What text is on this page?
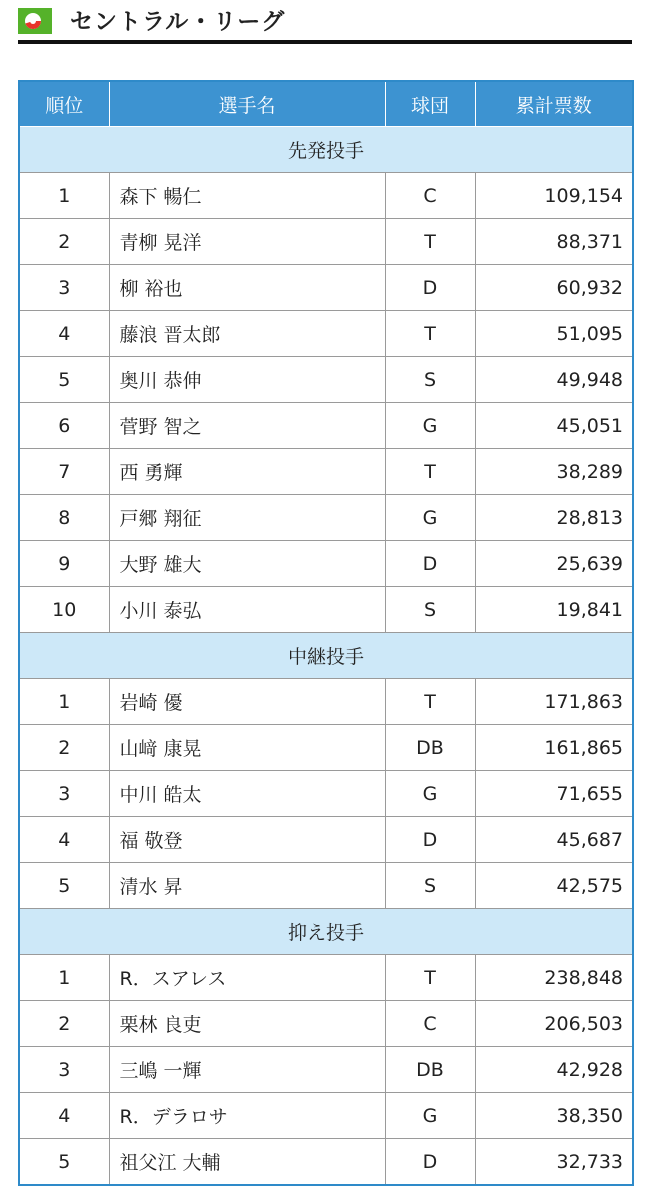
セントラル・リーグ
順位	選手名	球団	累計票数
先発投手			
1	森下 暢仁	C	109,154
2	青柳 晃洋	T	88,371
3	柳 裕也	D	60,932
4	藤浪 晋太郎	T	51,095
5	奥川 恭伸	S	49,948
6	菅野 智之	G	45,051
7	西 勇輝	T	38,289
8	戸郷 翔征	G	28,813
9	大野 雄大	D	25,639
10	小川 泰弘	S	19,841
中継投手			
1	岩崎 優	T	171,863
2	山﨑 康晃	DB	161,865
3	中川 皓太	G	71,655
4	福 敬登	D	45,687
5	清水 昇	S	42,575
抑え投手			
1	R．スアレス	T	238,848
2	栗林 良吏	C	206,503
3	三嶋 一輝	DB	42,928
4	R．デラロサ	G	38,350
5	祖父江 大輔	D	32,733
